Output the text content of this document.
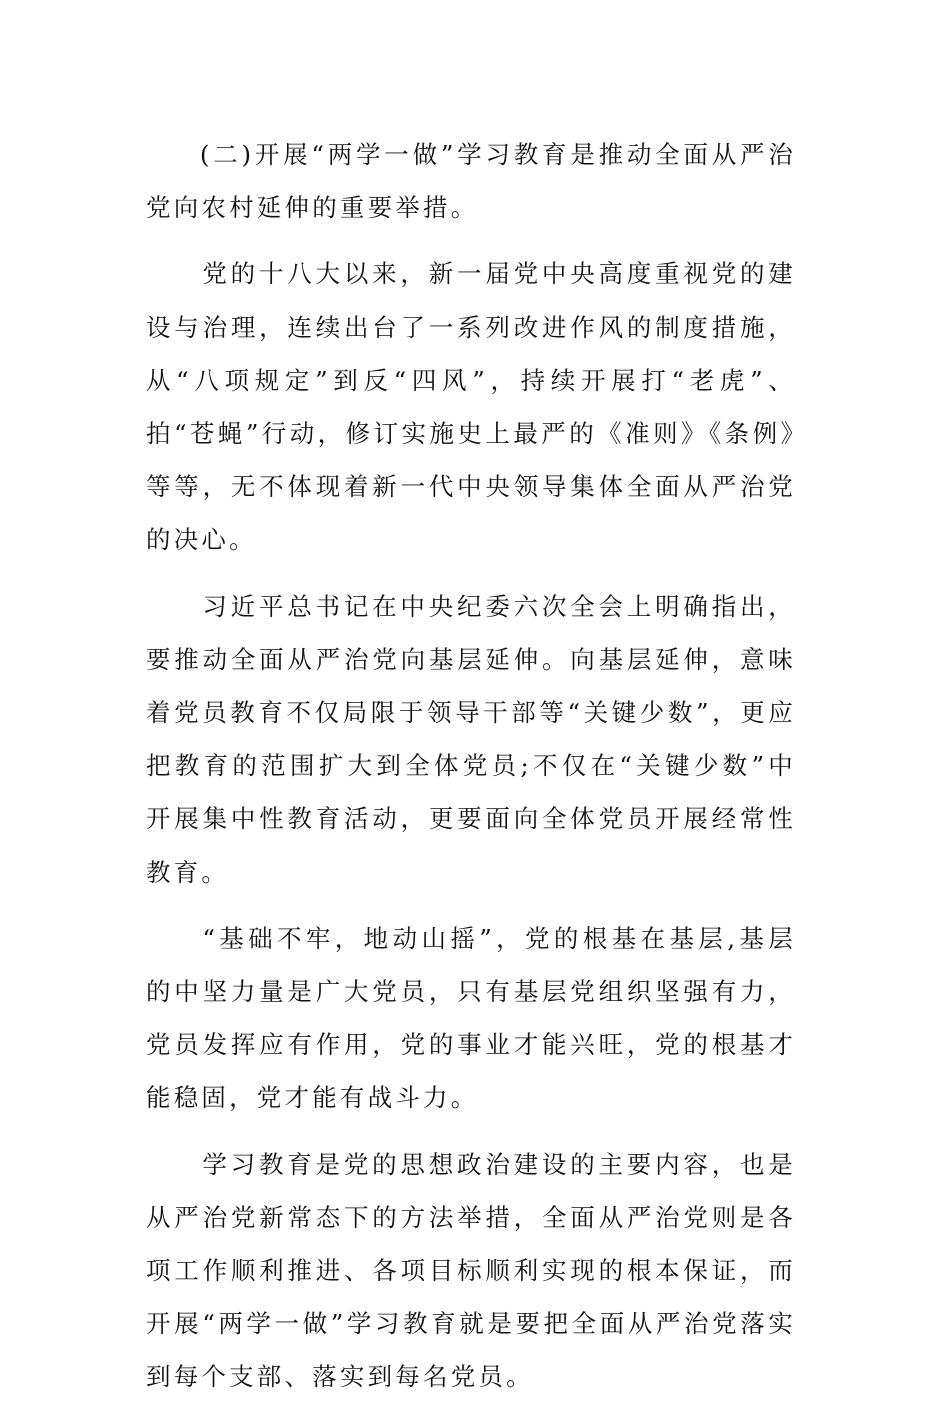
(二)开展“两学一做”学习教育是推动全面从严治党向农村延伸的重要举措。

党的十八大以来，新一届党中央高度重视党的建设与治理，连续出台了一系列改进作风的制度措施，从“八项规定”到反“四风”，持续开展打“老虎”、拍“苍蝇”行动，修订实施史上最严的《准则》《条例》等等，无不体现着新一代中央领导集体全面从严治党的决心。

习近平总书记在中央纪委六次全会上明确指出，要推动全面从严治党向基层延伸。向基层延伸，意味着党员教育不仅局限于领导干部等“关键少数”，更应把教育的范围扩大到全体党员;不仅在“关键少数”中开展集中性教育活动，更要面向全体党员开展经常性教育。

“基础不牢，地动山摇”，党的根基在基层,基层的中坚力量是广大党员，只有基层党组织坚强有力，党员发挥应有作用，党的事业才能兴旺，党的根基才能稳固，党才能有战斗力。

学习教育是党的思想政治建设的主要内容，也是从严治党新常态下的方法举措，全面从严治党则是各项工作顺利推进、各项目标顺利实现的根本保证，而开展“两学一做”学习教育就是要把全面从严治党落实到每个支部、落实到每名党员。
